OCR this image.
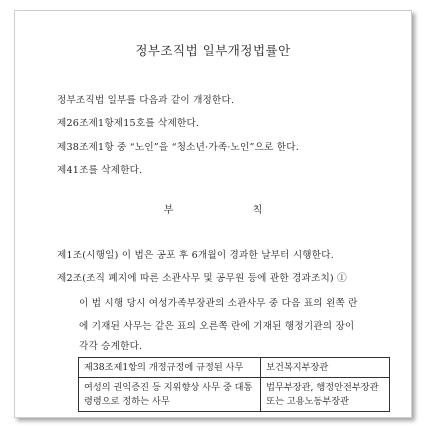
정부조직법 일부개정법률안
정부조직법 일부를 다음과 같이 개정한다.
제26조제1항제15호를 삭제한다.
제38조제1항 중 “노인”을 “청소년·가족·노인”으로 한다.
제41조를 삭제한다.
부 칙
제1조(시행일) 이 법은 공포 후 6개월이 경과한 날부터 시행한다.
제2조(조직 폐지에 따른 소관사무 및 공무원 등에 관한 경과조치) ①
이 법 시행 당시 여성가족부장관의 소관사무 중 다음 표의 왼쪽 란
에 기재된 사무는 같은 표의 오른쪽 란에 기재된 행정기관의 장이
각각 승계한다.
제38조제1항의 개정규정에 규정된 사무	보건복지부장관

여성의 권익증진 등 지위향상 사무 중 대통령령으로 정하는 사무	법무부장관, 행정안전부장관 또는 고용노동부장관
